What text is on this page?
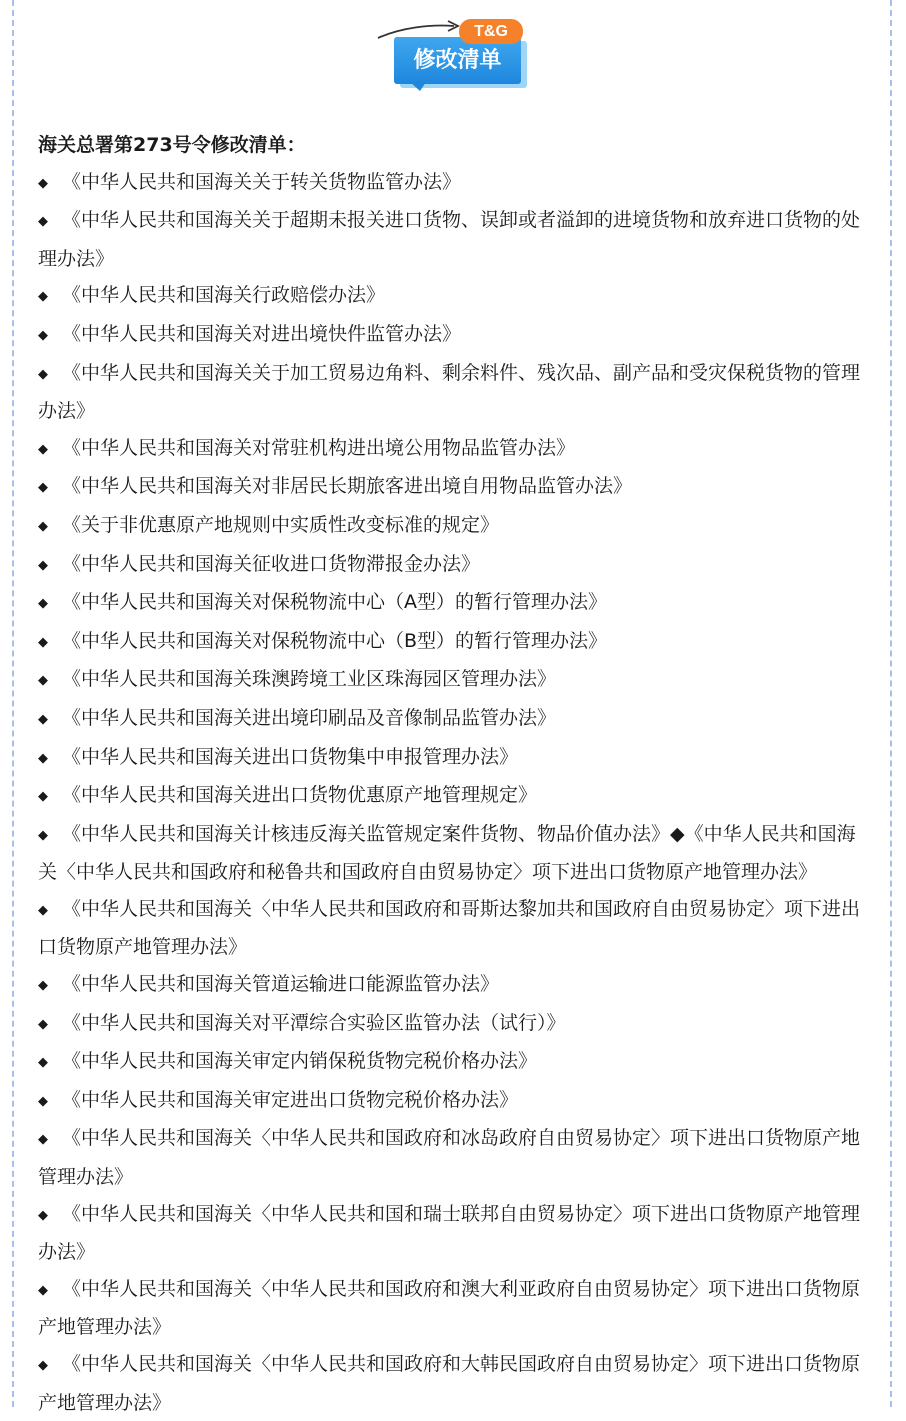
修改清单
T&G

海关总署第273号令修改清单：

◆ 《中华人民共和国海关关于转关货物监管办法》
◆ 《中华人民共和国海关关于超期未报关进口货物、误卸或者溢卸的进境货物和放弃进口货物的处理办法》
◆ 《中华人民共和国海关行政赔偿办法》
◆ 《中华人民共和国海关对进出境快件监管办法》
◆ 《中华人民共和国海关关于加工贸易边角料、剩余料件、残次品、副产品和受灾保税货物的管理办法》
◆ 《中华人民共和国海关对常驻机构进出境公用物品监管办法》
◆ 《中华人民共和国海关对非居民长期旅客进出境自用物品监管办法》
◆ 《关于非优惠原产地规则中实质性改变标准的规定》
◆ 《中华人民共和国海关征收进口货物滞报金办法》
◆ 《中华人民共和国海关对保税物流中心（A型）的暂行管理办法》
◆ 《中华人民共和国海关对保税物流中心（B型）的暂行管理办法》
◆ 《中华人民共和国海关珠澳跨境工业区珠海园区管理办法》
◆ 《中华人民共和国海关进出境印刷品及音像制品监管办法》
◆ 《中华人民共和国海关进出口货物集中申报管理办法》
◆ 《中华人民共和国海关进出口货物优惠原产地管理规定》
◆ 《中华人民共和国海关计核违反海关监管规定案件货物、物品价值办法》◆《中华人民共和国海关〈中华人民共和国政府和秘鲁共和国政府自由贸易协定〉项下进出口货物原产地管理办法》
◆ 《中华人民共和国海关〈中华人民共和国政府和哥斯达黎加共和国政府自由贸易协定〉项下进出口货物原产地管理办法》
◆ 《中华人民共和国海关管道运输进口能源监管办法》
◆ 《中华人民共和国海关对平潭综合实验区监管办法（试行）》
◆ 《中华人民共和国海关审定内销保税货物完税价格办法》
◆ 《中华人民共和国海关审定进出口货物完税价格办法》
◆ 《中华人民共和国海关〈中华人民共和国政府和冰岛政府自由贸易协定〉项下进出口货物原产地管理办法》
◆ 《中华人民共和国海关〈中华人民共和国和瑞士联邦自由贸易协定〉项下进出口货物原产地管理办法》
◆ 《中华人民共和国海关〈中华人民共和国政府和澳大利亚政府自由贸易协定〉项下进出口货物原产地管理办法》
◆ 《中华人民共和国海关〈中华人民共和国政府和大韩民国政府自由贸易协定〉项下进出口货物原产地管理办法》
